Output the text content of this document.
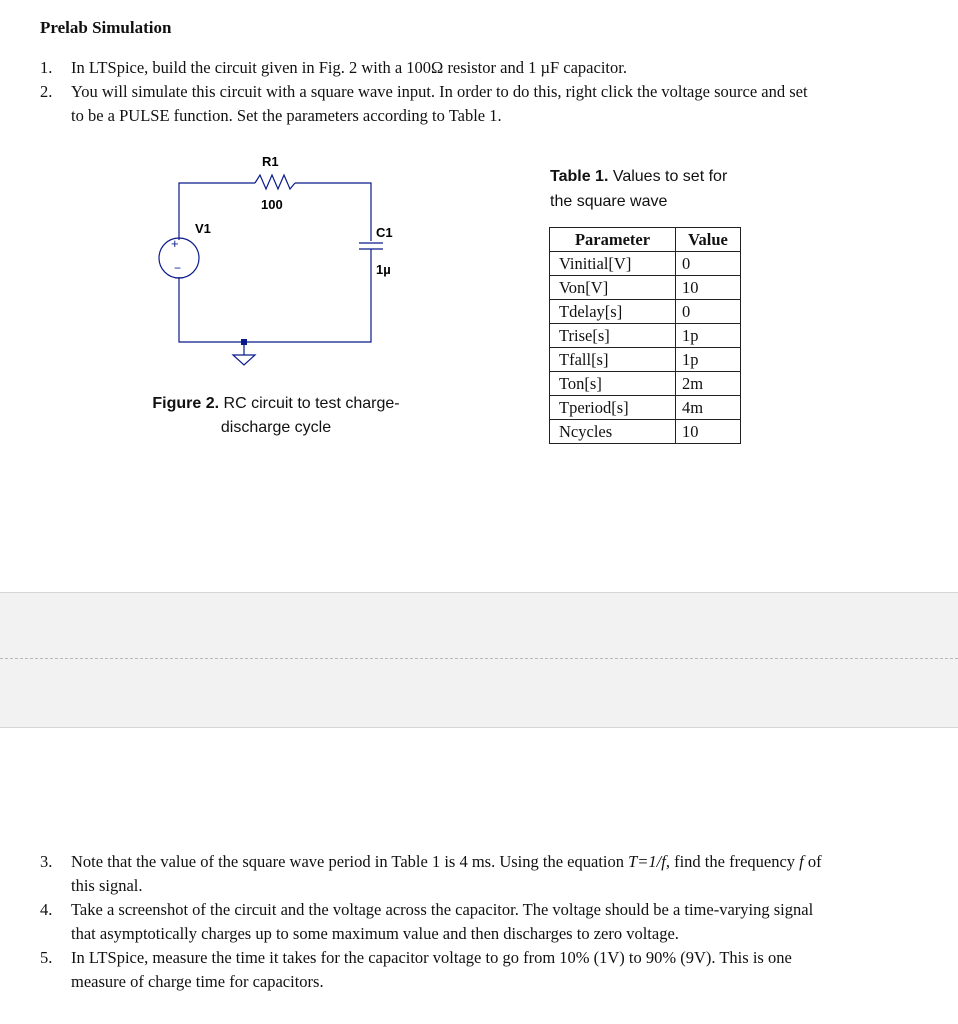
Prelab Simulation
1. In LTSpice, build the circuit given in Fig. 2 with a 100Ω resistor and 1 µF capacitor.
2. You will simulate this circuit with a square wave input. In order to do this, right click the voltage source and set to be a PULSE function. Set the parameters according to Table 1.
+
−
R1
100
C1
1µ
V1
Figure 2. RC circuit to test charge-discharge cycle
Table 1. Values to set for the square wave
Parameter	Value
Vinitial[V]	0
Von[V]	10
Tdelay[s]	0
Trise[s]	1p
Tfall[s]	1p
Ton[s]	2m
Tperiod[s]	4m
Ncycles	10
3. Note that the value of the square wave period in Table 1 is 4 ms. Using the equation T=1/f, find the frequency f of this signal.
4. Take a screenshot of the circuit and the voltage across the capacitor. The voltage should be a time-varying signal that asymptotically charges up to some maximum value and then discharges to zero voltage.
5. In LTSpice, measure the time it takes for the capacitor voltage to go from 10% (1V) to 90% (9V). This is one measure of charge time for capacitors.
